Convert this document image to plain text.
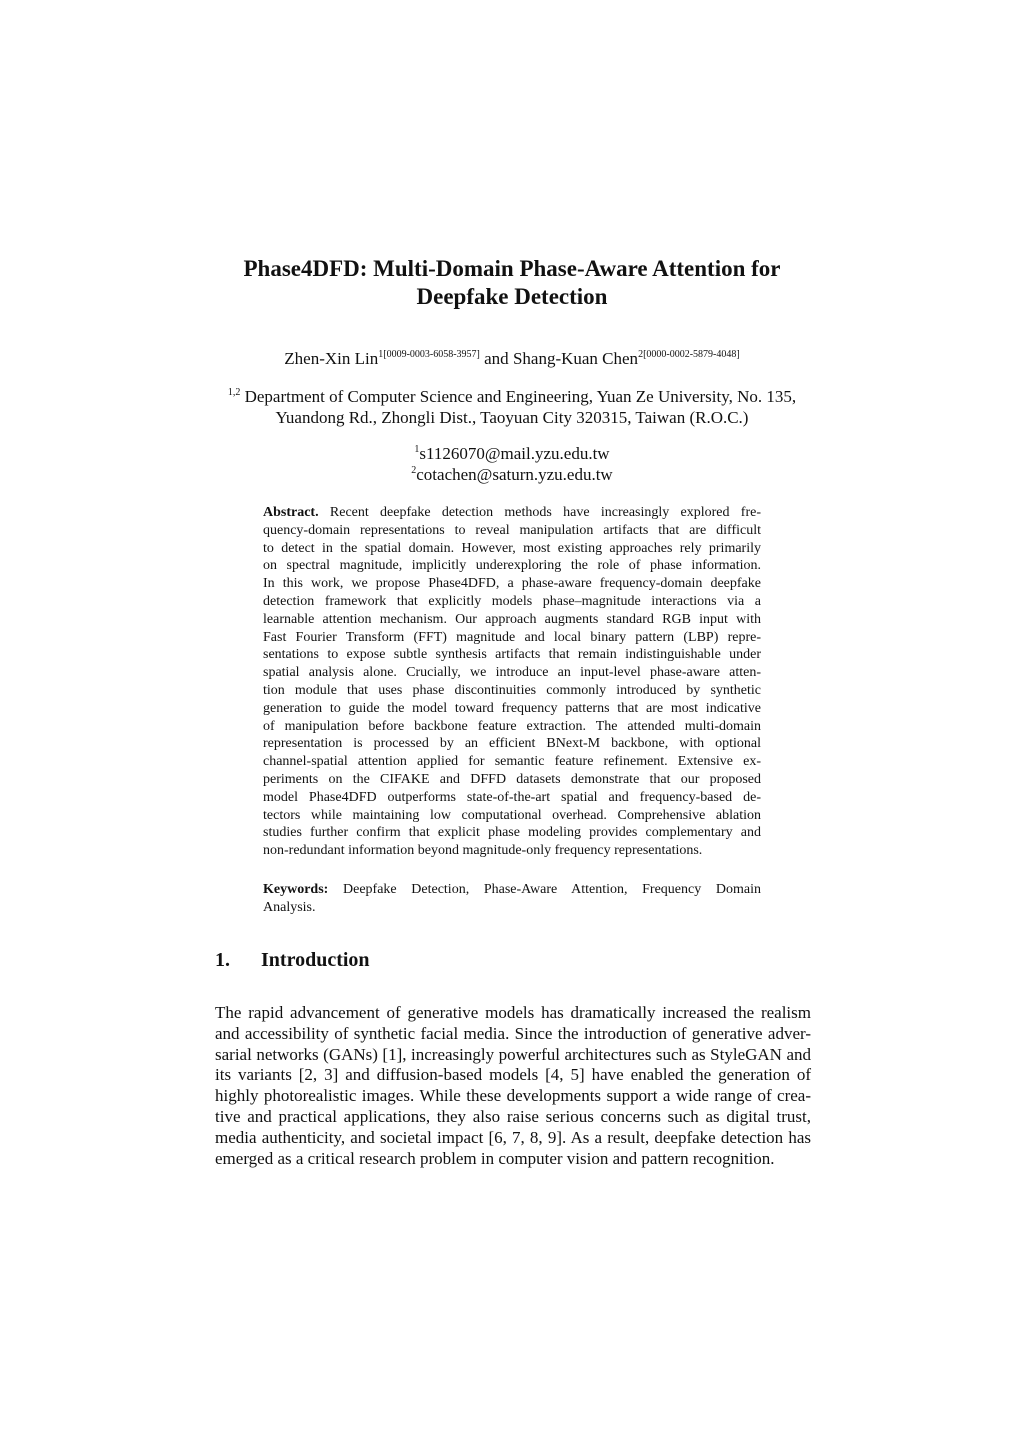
Phase4DFD: Multi-Domain Phase-Aware Attention for
Deepfake Detection
Zhen-Xin Lin$^{1[0009-0003-6058-3957]}$ and Shang-Kuan Chen$^{2[0000-0002-5879-4048]}$
$^{1,2}$ Department of Computer Science and Engineering, Yuan Ze University, No. 135,
Yuandong Rd., Zhongli Dist., Taoyuan City 320315, Taiwan (R.O.C.)
$^1$s1126070@mail.yzu.edu.tw
$^2$cotachen@saturn.yzu.edu.tw
Abstract. Recent deepfake detection methods have increasingly explored fre-
quency-domain representations to reveal manipulation artifacts that are difficult
to detect in the spatial domain. However, most existing approaches rely primarily
on spectral magnitude, implicitly underexploring the role of phase information.
In this work, we propose Phase4DFD, a phase-aware frequency-domain deepfake
detection framework that explicitly models phase–magnitude interactions via a
learnable attention mechanism. Our approach augments standard RGB input with
Fast Fourier Transform (FFT) magnitude and local binary pattern (LBP) repre-
sentations to expose subtle synthesis artifacts that remain indistinguishable under
spatial analysis alone. Crucially, we introduce an input-level phase-aware atten-
tion module that uses phase discontinuities commonly introduced by synthetic
generation to guide the model toward frequency patterns that are most indicative
of manipulation before backbone feature extraction. The attended multi-domain
representation is processed by an efficient BNext-M backbone, with optional
channel-spatial attention applied for semantic feature refinement. Extensive ex-
periments on the CIFAKE and DFFD datasets demonstrate that our proposed
model Phase4DFD outperforms state-of-the-art spatial and frequency-based de-
tectors while maintaining low computational overhead. Comprehensive ablation
studies further confirm that explicit phase modeling provides complementary and
non-redundant information beyond magnitude-only frequency representations.
Keywords: Deepfake Detection, Phase-Aware Attention, Frequency Domain
Analysis.
1. Introduction
The rapid advancement of generative models has dramatically increased the realism
and accessibility of synthetic facial media. Since the introduction of generative adver-
sarial networks (GANs) [1], increasingly powerful architectures such as StyleGAN and
its variants [2, 3] and diffusion-based models [4, 5] have enabled the generation of
highly photorealistic images. While these developments support a wide range of crea-
tive and practical applications, they also raise serious concerns such as digital trust,
media authenticity, and societal impact [6, 7, 8, 9]. As a result, deepfake detection has
emerged as a critical research problem in computer vision and pattern recognition.
